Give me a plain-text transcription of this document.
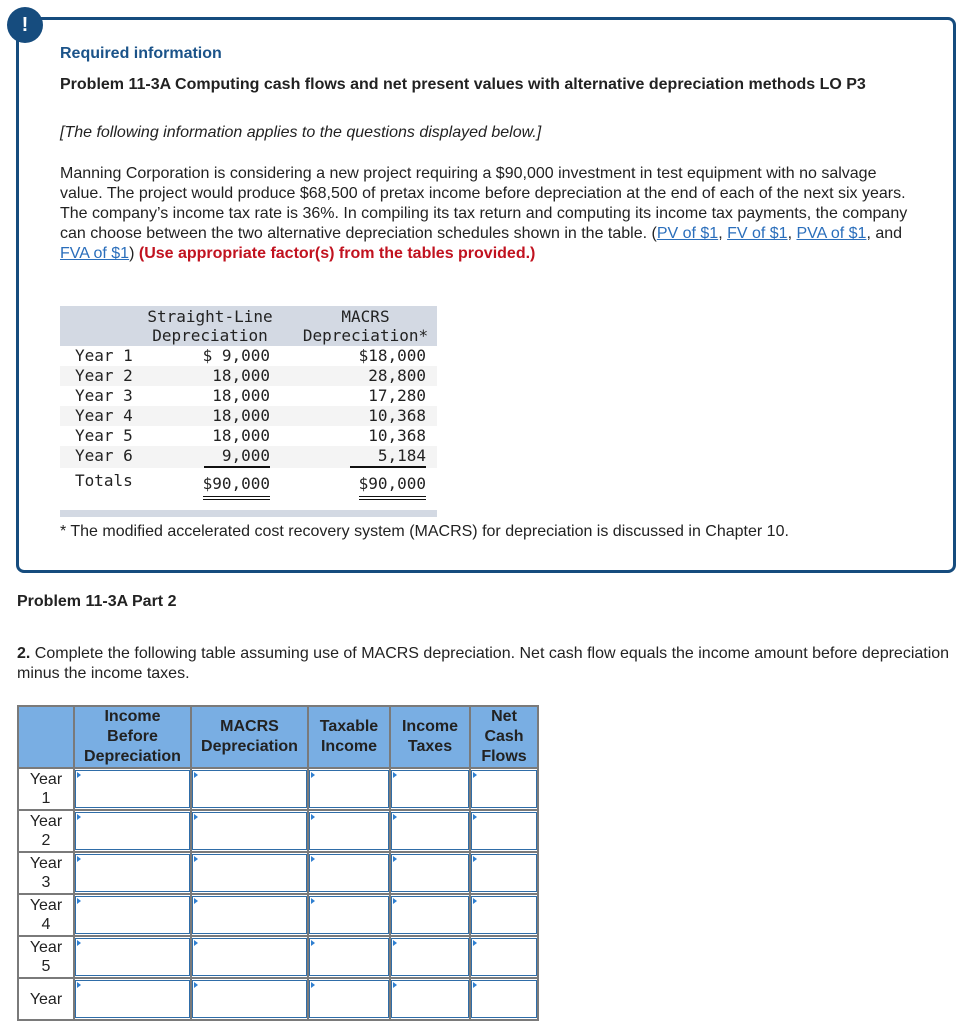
!
Required information
Problem 11-3A Computing cash flows and net present values with alternative depreciation methods LO P3
[The following information applies to the questions displayed below.]
Manning Corporation is considering a new project requiring a $90,000 investment in test equipment with no salvage value. The project would produce $68,500 of pretax income before depreciation at the end of each of the next six years. The company’s income tax rate is 36%. In compiling its tax return and computing its income tax payments, the company can choose between the two alternative depreciation schedules shown in the table. (PV of $1, FV of $1, PVA of $1, and FVA of $1) (Use appropriate factor(s) from the tables provided.)
Straight-Line
Depreciation
MACRS
Depreciation*
Year 1	$ 9,000	$18,000
Year 2	18,000	28,800
Year 3	18,000	17,280
Year 4	18,000	10,368
Year 5	18,000	10,368
Year 6	9,000	5,184
Totals	$90,000	$90,000
* The modified accelerated cost recovery system (MACRS) for depreciation is discussed in Chapter 10.
Problem 11-3A Part 2
2. Complete the following table assuming use of MACRS depreciation. Net cash flow equals the income amount before depreciation minus the income taxes.
	Income Before Depreciation	MACRS Depreciation	Taxable Income	Income Taxes	Net Cash Flows

Year
1

Year
2

Year
3

Year
4

Year
5

Year					
